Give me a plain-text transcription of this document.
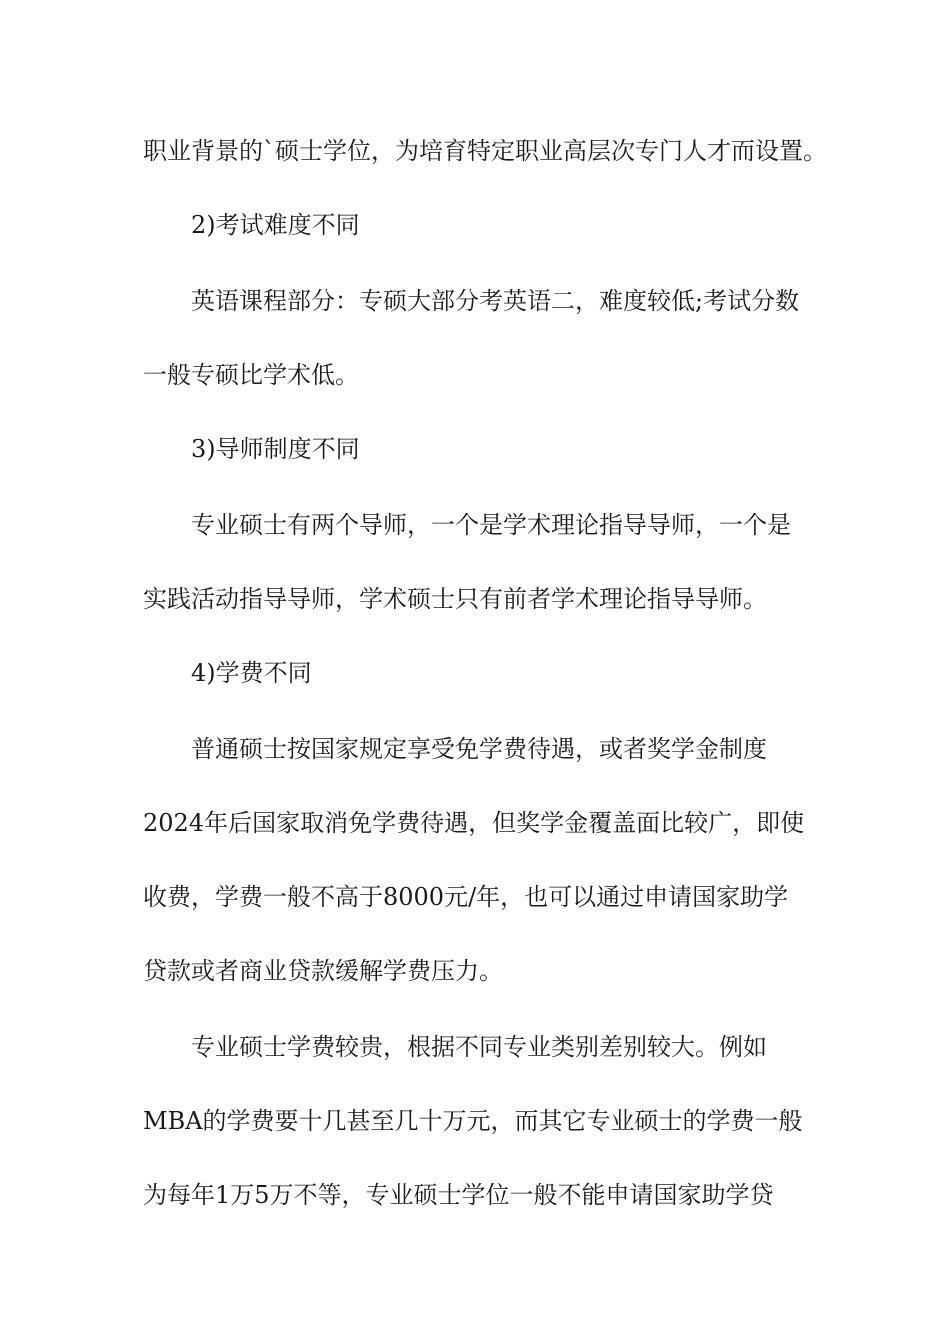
职业背景的`硕士学位，为培育特定职业高层次专门人才而设置。
2)考试难度不同
英语课程部分：专硕大部分考英语二，难度较低;考试分数
一般专硕比学术低。
3)导师制度不同
专业硕士有两个导师，一个是学术理论指导导师，一个是
实践活动指导导师，学术硕士只有前者学术理论指导导师。
4)学费不同
普通硕士按国家规定享受免学费待遇，或者奖学金制度
2024年后国家取消免学费待遇，但奖学金覆盖面比较广，即使
收费，学费一般不高于8000元/年，也可以通过申请国家助学
贷款或者商业贷款缓解学费压力。
专业硕士学费较贵，根据不同专业类别差别较大。例如
MBA的学费要十几甚至几十万元，而其它专业硕士的学费一般
为每年1万5万不等，专业硕士学位一般不能申请国家助学贷
